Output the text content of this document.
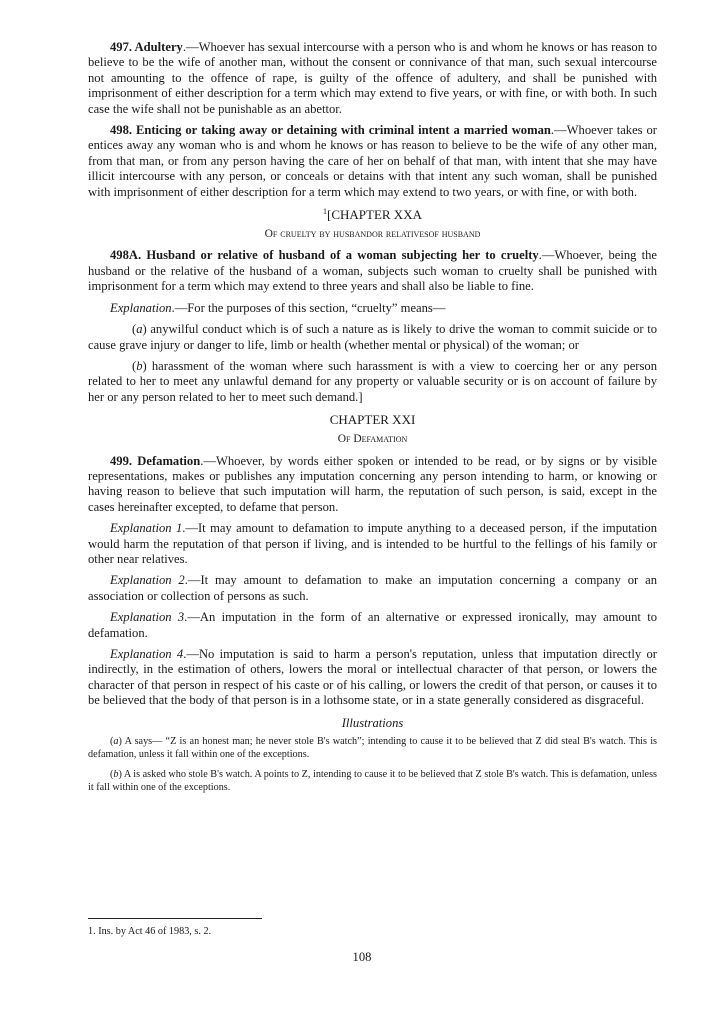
497. Adultery.—Whoever has sexual intercourse with a person who is and whom he knows or has reason to believe to be the wife of another man, without the consent or connivance of that man, such sexual intercourse not amounting to the offence of rape, is guilty of the offence of adultery, and shall be punished with imprisonment of either description for a term which may extend to five years, or with fine, or with both. In such case the wife shall not be punishable as an abettor.

498. Enticing or taking away or detaining with criminal intent a married woman.—Whoever takes or entices away any woman who is and whom he knows or has reason to believe to be the wife of any other man, from that man, or from any person having the care of her on behalf of that man, with intent that she may have illicit intercourse with any person, or conceals or detains with that intent any such woman, shall be punished with imprisonment of either description for a term which may extend to two years, or with fine, or with both.

$^1$[CHAPTER XXA

Of cruelty by husbandor relativesof husband

498A. Husband or relative of husband of a woman subjecting her to cruelty.—Whoever, being the husband or the relative of the husband of a woman, subjects such woman to cruelty shall be punished with imprisonment for a term which may extend to three years and shall also be liable to fine.

Explanation.—For the purposes of this section, “cruelty” means—

(a) anywilful conduct which is of such a nature as is likely to drive the woman to commit suicide or to cause grave injury or danger to life, limb or health (whether mental or physical) of the woman; or

(b) harassment of the woman where such harassment is with a view to coercing her or any person related to her to meet any unlawful demand for any property or valuable security or is on account of failure by her or any person related to her to meet such demand.]

CHAPTER XXI

Of Defamation

499. Defamation.—Whoever, by words either spoken or intended to be read, or by signs or by visible representations, makes or publishes any imputation concerning any person intending to harm, or knowing or having reason to believe that such imputation will harm, the reputation of such person, is said, except in the cases hereinafter excepted, to defame that person.

Explanation 1.—It may amount to defamation to impute anything to a deceased person, if the imputation would harm the reputation of that person if living, and is intended to be hurtful to the fellings of his family or other near relatives.

Explanation 2.—It may amount to defamation to make an imputation concerning a company or an association or collection of persons as such.

Explanation 3.—An imputation in the form of an alternative or expressed ironically, may amount to defamation.

Explanation 4.—No imputation is said to harm a person's reputation, unless that imputation directly or indirectly, in the estimation of others, lowers the moral or intellectual character of that person, or lowers the character of that person in respect of his caste or of his calling, or lowers the credit of that person, or causes it to be believed that the body of that person is in a lothsome state, or in a state generally considered as disgraceful.

Illustrations

(a) A says— “Z is an honest man; he never stole B's watch”; intending to cause it to be believed that Z did steal B's watch. This is defamation, unless it fall within one of the exceptions.

(b) A is asked who stole B's watch. A points to Z, intending to cause it to be believed that Z stole B's watch. This is defamation, unless it fall within one of the exceptions.

1. Ins. by Act 46 of 1983, s. 2.
108
